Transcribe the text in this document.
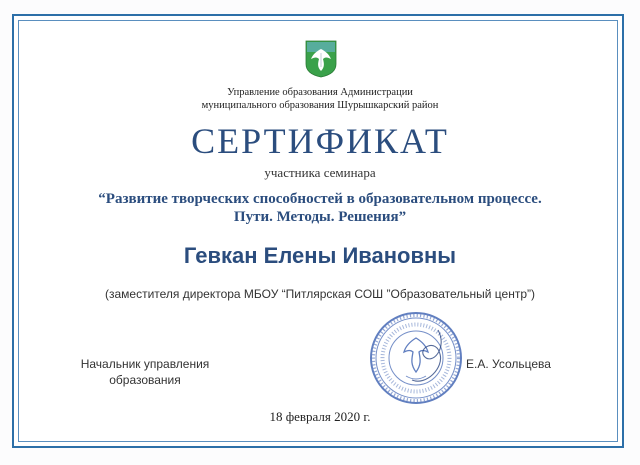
Управление образования Администрации
муниципального образования Шурышкарский район
СЕРТИФИКАТ
участника семинара
“Развитие творческих способностей в образовательном процессе.
Пути. Методы. Решения”
Гевкан Елены Ивановны
(заместителя директора МБОУ “Питлярская СОШ ”Образовательный центр”)
Начальник управления
образования
Е.А. Усольцева
18 февраля 2020 г.
